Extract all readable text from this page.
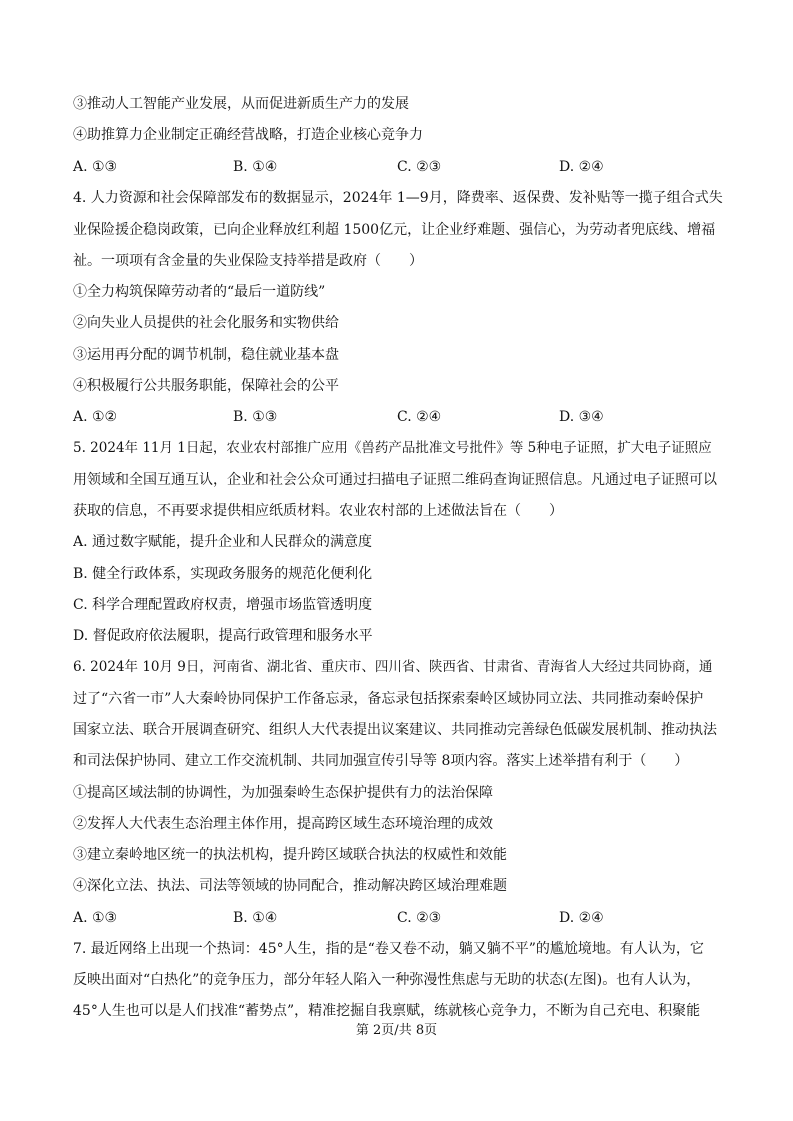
③推动人工智能产业发展，从而促进新质生产力的发展
④助推算力企业制定正确经营战略，打造企业核心竞争力
A. ①③	B. ①④	C. ②③	D. ②④
4. 人力资源和社会保障部发布的数据显示，2024年 1—9月，降费率、返保费、发补贴等一揽子组合式失
业保险援企稳岗政策，已向企业释放红利超 1500亿元，让企业纾难题、强信心，为劳动者兜底线、增福
祉。一项项有含金量的失业保险支持举措是政府（　　）
①全力构筑保障劳动者的“最后一道防线”
②向失业人员提供的社会化服务和实物供给
③运用再分配的调节机制，稳住就业基本盘
④积极履行公共服务职能，保障社会的公平
A. ①②	B. ①③	C. ②④	D. ③④
5. 2024年 11月 1日起，农业农村部推广应用《兽药产品批准文号批件》等 5种电子证照，扩大电子证照应
用领域和全国互通互认，企业和社会公众可通过扫描电子证照二维码查询证照信息。凡通过电子证照可以
获取的信息，不再要求提供相应纸质材料。农业农村部的上述做法旨在（　　）
A. 通过数字赋能，提升企业和人民群众的满意度
B. 健全行政体系，实现政务服务的规范化便利化
C. 科学合理配置政府权责，增强市场监管透明度
D. 督促政府依法履职，提高行政管理和服务水平
6. 2024年 10月 9日，河南省、湖北省、重庆市、四川省、陕西省、甘肃省、青海省人大经过共同协商，通
过了“六省一市”人大秦岭协同保护工作备忘录，备忘录包括探索秦岭区域协同立法、共同推动秦岭保护
国家立法、联合开展调查研究、组织人大代表提出议案建议、共同推动完善绿色低碳发展机制、推动执法
和司法保护协同、建立工作交流机制、共同加强宣传引导等 8项内容。落实上述举措有利于（　　）
①提高区域法制的协调性，为加强秦岭生态保护提供有力的法治保障
②发挥人大代表生态治理主体作用，提高跨区域生态环境治理的成效
③建立秦岭地区统一的执法机构，提升跨区域联合执法的权威性和效能
④深化立法、执法、司法等领域的协同配合，推动解决跨区域治理难题
A. ①③	B. ①④	C. ②③	D. ②④
7. 最近网络上出现一个热词：45°人生，指的是“卷又卷不动，躺又躺不平”的尴尬境地。有人认为，它
反映出面对“白热化”的竞争压力，部分年轻人陷入一种弥漫性焦虑与无助的状态(左图)。也有人认为，
45°人生也可以是人们找准“蓄势点”，精准挖掘自我禀赋，练就核心竞争力，不断为自己充电、积聚能
第 2页/共 8页
